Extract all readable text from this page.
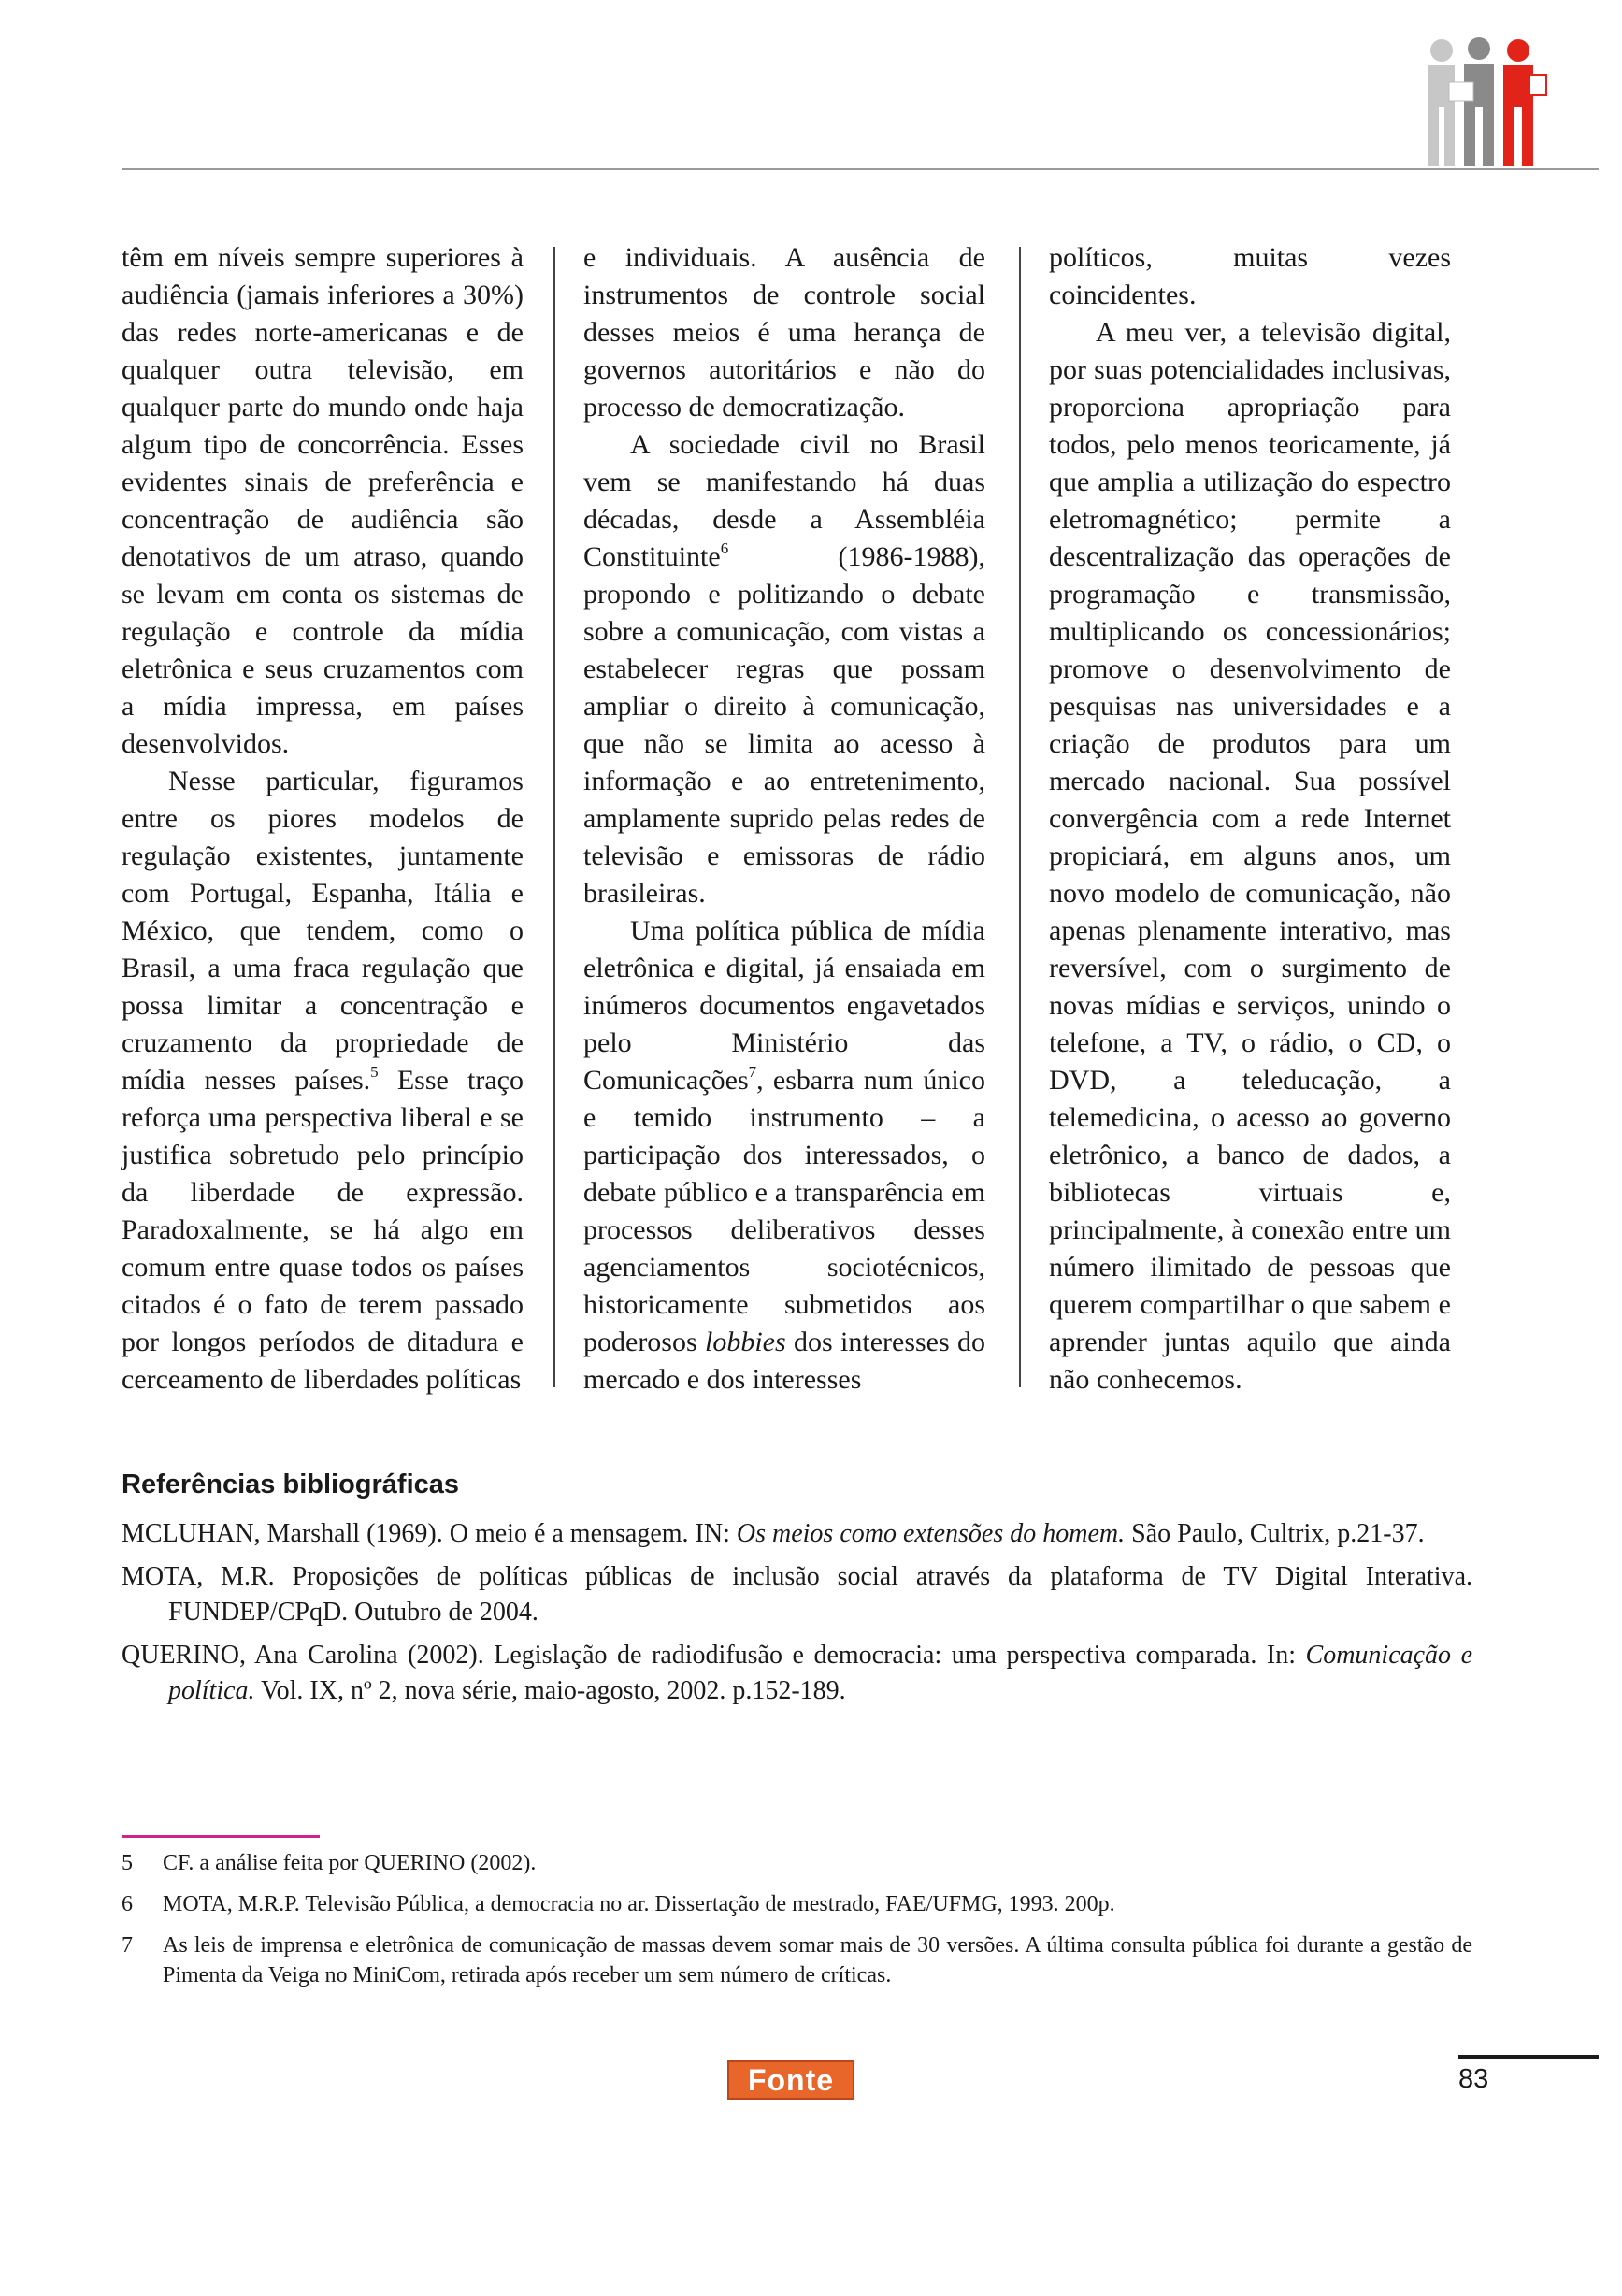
têm em níveis sempre superiores à audiência (jamais inferiores a 30%) das redes norte-americanas e de qualquer outra televisão, em qualquer parte do mundo onde haja algum tipo de concorrência. Esses evidentes sinais de preferência e concentração de audiência são denotativos de um atraso, quando se levam em conta os sistemas de regulação e controle da mídia eletrônica e seus cruzamentos com a mídia impressa, em países desenvolvidos.

Nesse particular, figuramos entre os piores modelos de regulação existentes, juntamente com Portugal, Espanha, Itália e México, que tendem, como o Brasil, a uma fraca regulação que possa limitar a concentração e cruzamento da propriedade de mídia nesses países.$^5$ Esse traço reforça uma perspectiva liberal e se justifica sobretudo pelo princípio da liberdade de expressão. Paradoxalmente, se há algo em comum entre quase todos os países citados é o fato de terem passado por longos períodos de ditadura e cerceamento de liberdades políticas

e individuais. A ausência de instrumentos de controle social desses meios é uma herança de governos autoritários e não do processo de democratização.

A sociedade civil no Brasil vem se manifestando há duas décadas, desde a Assembléia Constituinte$^6$ (1986-1988), propondo e politizando o debate sobre a comunicação, com vistas a estabelecer regras que possam ampliar o direito à comunicação, que não se limita ao acesso à informação e ao entretenimento, amplamente suprido pelas redes de televisão e emissoras de rádio brasileiras.

Uma política pública de mídia eletrônica e digital, já ensaiada em inúmeros documentos engavetados pelo Ministério das Comunicações$^7$, esbarra num único e temido instrumento – a participação dos interessados, o debate público e a transparência em processos deliberativos desses agenciamentos sociotécnicos, historicamente submetidos aos poderosos lobbies dos interesses do mercado e dos interesses

políticos, muitas vezes coincidentes.

A meu ver, a televisão digital, por suas potencialidades inclusivas, proporciona apropriação para todos, pelo menos teoricamente, já que amplia a utilização do espectro eletromagnético; permite a descentralização das operações de programação e transmissão, multiplicando os concessionários; promove o desenvolvimento de pesquisas nas universidades e a criação de produtos para um mercado nacional. Sua possível convergência com a rede Internet propiciará, em alguns anos, um novo modelo de comunicação, não apenas plenamente interativo, mas reversível, com o surgimento de novas mídias e serviços, unindo o telefone, a TV, o rádio, o CD, o DVD, a teleducação, a telemedicina, o acesso ao governo eletrônico, a banco de dados, a bibliotecas virtuais e, principalmente, à conexão entre um número ilimitado de pessoas que querem compartilhar o que sabem e aprender juntas aquilo que ainda não conhecemos.

Referências bibliográficas

MCLUHAN, Marshall (1969). O meio é a mensagem. IN: Os meios como extensões do homem. São Paulo, Cultrix, p.21-37.

MOTA, M.R. Proposições de políticas públicas de inclusão social através da plataforma de TV Digital Interativa. FUNDEP/CPqD. Outubro de 2004.

QUERINO, Ana Carolina (2002). Legislação de radiodifusão e democracia: uma perspectiva comparada. In: Comunicação e política. Vol. IX, nº 2, nova série, maio-agosto, 2002. p.152-189.

5	CF. a análise feita por QUERINO (2002).
6	MOTA, M.R.P. Televisão Pública, a democracia no ar. Dissertação de mestrado, FAE/UFMG, 1993. 200p.
7	As leis de imprensa e eletrônica de comunicação de massas devem somar mais de 30 versões. A última consulta pública foi durante a gestão de Pimenta da Veiga no MiniCom, retirada após receber um sem número de críticas.
Fonte	83
